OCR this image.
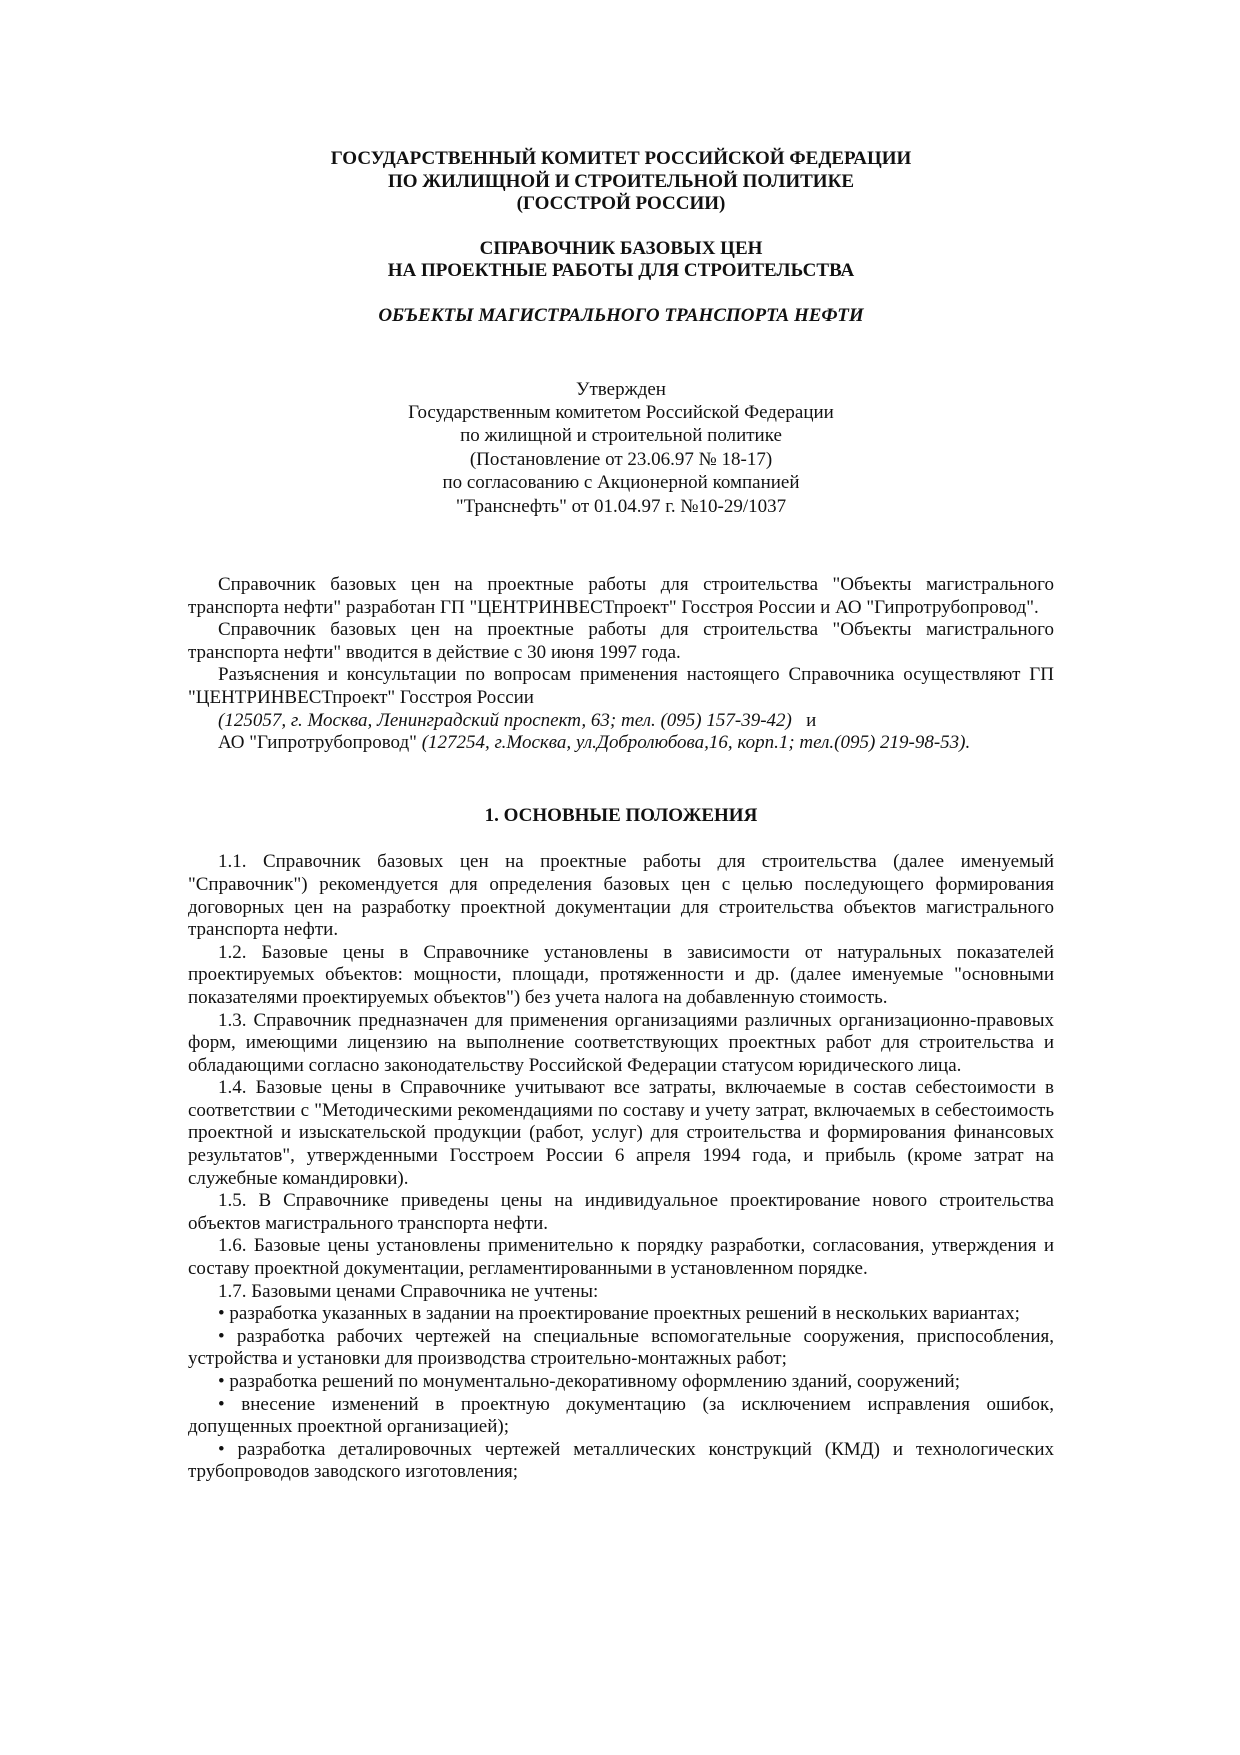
ГОСУДАРСТВЕННЫЙ КОМИТЕТ РОССИЙСКОЙ ФЕДЕРАЦИИ
ПО ЖИЛИЩНОЙ И СТРОИТЕЛЬНОЙ ПОЛИТИКЕ
(ГОССТРОЙ РОССИИ)
СПРАВОЧНИК БАЗОВЫХ ЦЕН
НА ПРОЕКТНЫЕ РАБОТЫ ДЛЯ СТРОИТЕЛЬСТВА
ОБЪЕКТЫ МАГИСТРАЛЬНОГО ТРАНСПОРТА НЕФТИ
Утвержден
Государственным комитетом Российской Федерации
по жилищной и строительной политике
(Постановление от 23.06.97 № 18-17)
по согласованию с Акционерной компанией
"Транснефть" от 01.04.97 г. №10-29/1037

Справочник базовых цен на проектные работы для строительства "Объекты магистрального транспорта нефти" разработан ГП "ЦЕНТРИНВЕСТпроект" Госстроя России и АО "Гипротрубопровод".

Справочник базовых цен на проектные работы для строительства "Объекты магистрального транспорта нефти" вводится в действие с 30 июня 1997 года.

Разъяснения и консультации по вопросам применения настоящего Справочника осуществляют ГП "ЦЕНТРИНВЕСТпроект" Госстроя России

(125057, г. Москва, Ленинградский проспект, 63; тел. (095) 157-39-42) и

АО "Гипротрубопровод" (127254, г.Москва, ул.Добролюбова,16, корп.1; тел.(095) 219-98-53).

1. ОСНОВНЫЕ ПОЛОЖЕНИЯ

1.1. Справочник базовых цен на проектные работы для строительства (далее именуемый "Справочник") рекомендуется для определения базовых цен с целью последующего формирования договорных цен на разработку проектной документации для строительства объектов магистрального транспорта нефти.

1.2. Базовые цены в Справочнике установлены в зависимости от натуральных показателей проектируемых объектов: мощности, площади, протяженности и др. (далее именуемые "основными показателями проектируемых объектов") без учета налога на добавленную стоимость.

1.3. Справочник предназначен для применения организациями различных организационно-правовых форм, имеющими лицензию на выполнение соответствующих проектных работ для строительства и обладающими согласно законодательству Российской Федерации статусом юридического лица.

1.4. Базовые цены в Справочнике учитывают все затраты, включаемые в состав себестоимости в соответствии с "Методическими рекомендациями по составу и учету затрат, включаемых в себестоимость проектной и изыскательской продукции (работ, услуг) для строительства и формирования финансовых результатов", утвержденными Госстроем России 6 апреля 1994 года, и прибыль (кроме затрат на служебные командировки).

1.5. В Справочнике приведены цены на индивидуальное проектирование нового строительства объектов магистрального транспорта нефти.

1.6. Базовые цены установлены применительно к порядку разработки, согласования, утверждения и составу проектной документации, регламентированными в установленном порядке.

1.7. Базовыми ценами Справочника не учтены:

• разработка указанных в задании на проектирование проектных решений в нескольких вариантах;

• разработка рабочих чертежей на специальные вспомогательные сооружения, приспособления, устройства и установки для производства строительно-монтажных работ;

• разработка решений по монументально-декоративному оформлению зданий, сооружений;

• внесение изменений в проектную документацию (за исключением исправления ошибок, допущенных проектной организацией);

• разработка деталировочных чертежей металлических конструкций (КМД) и технологических трубопроводов заводского изготовления;
